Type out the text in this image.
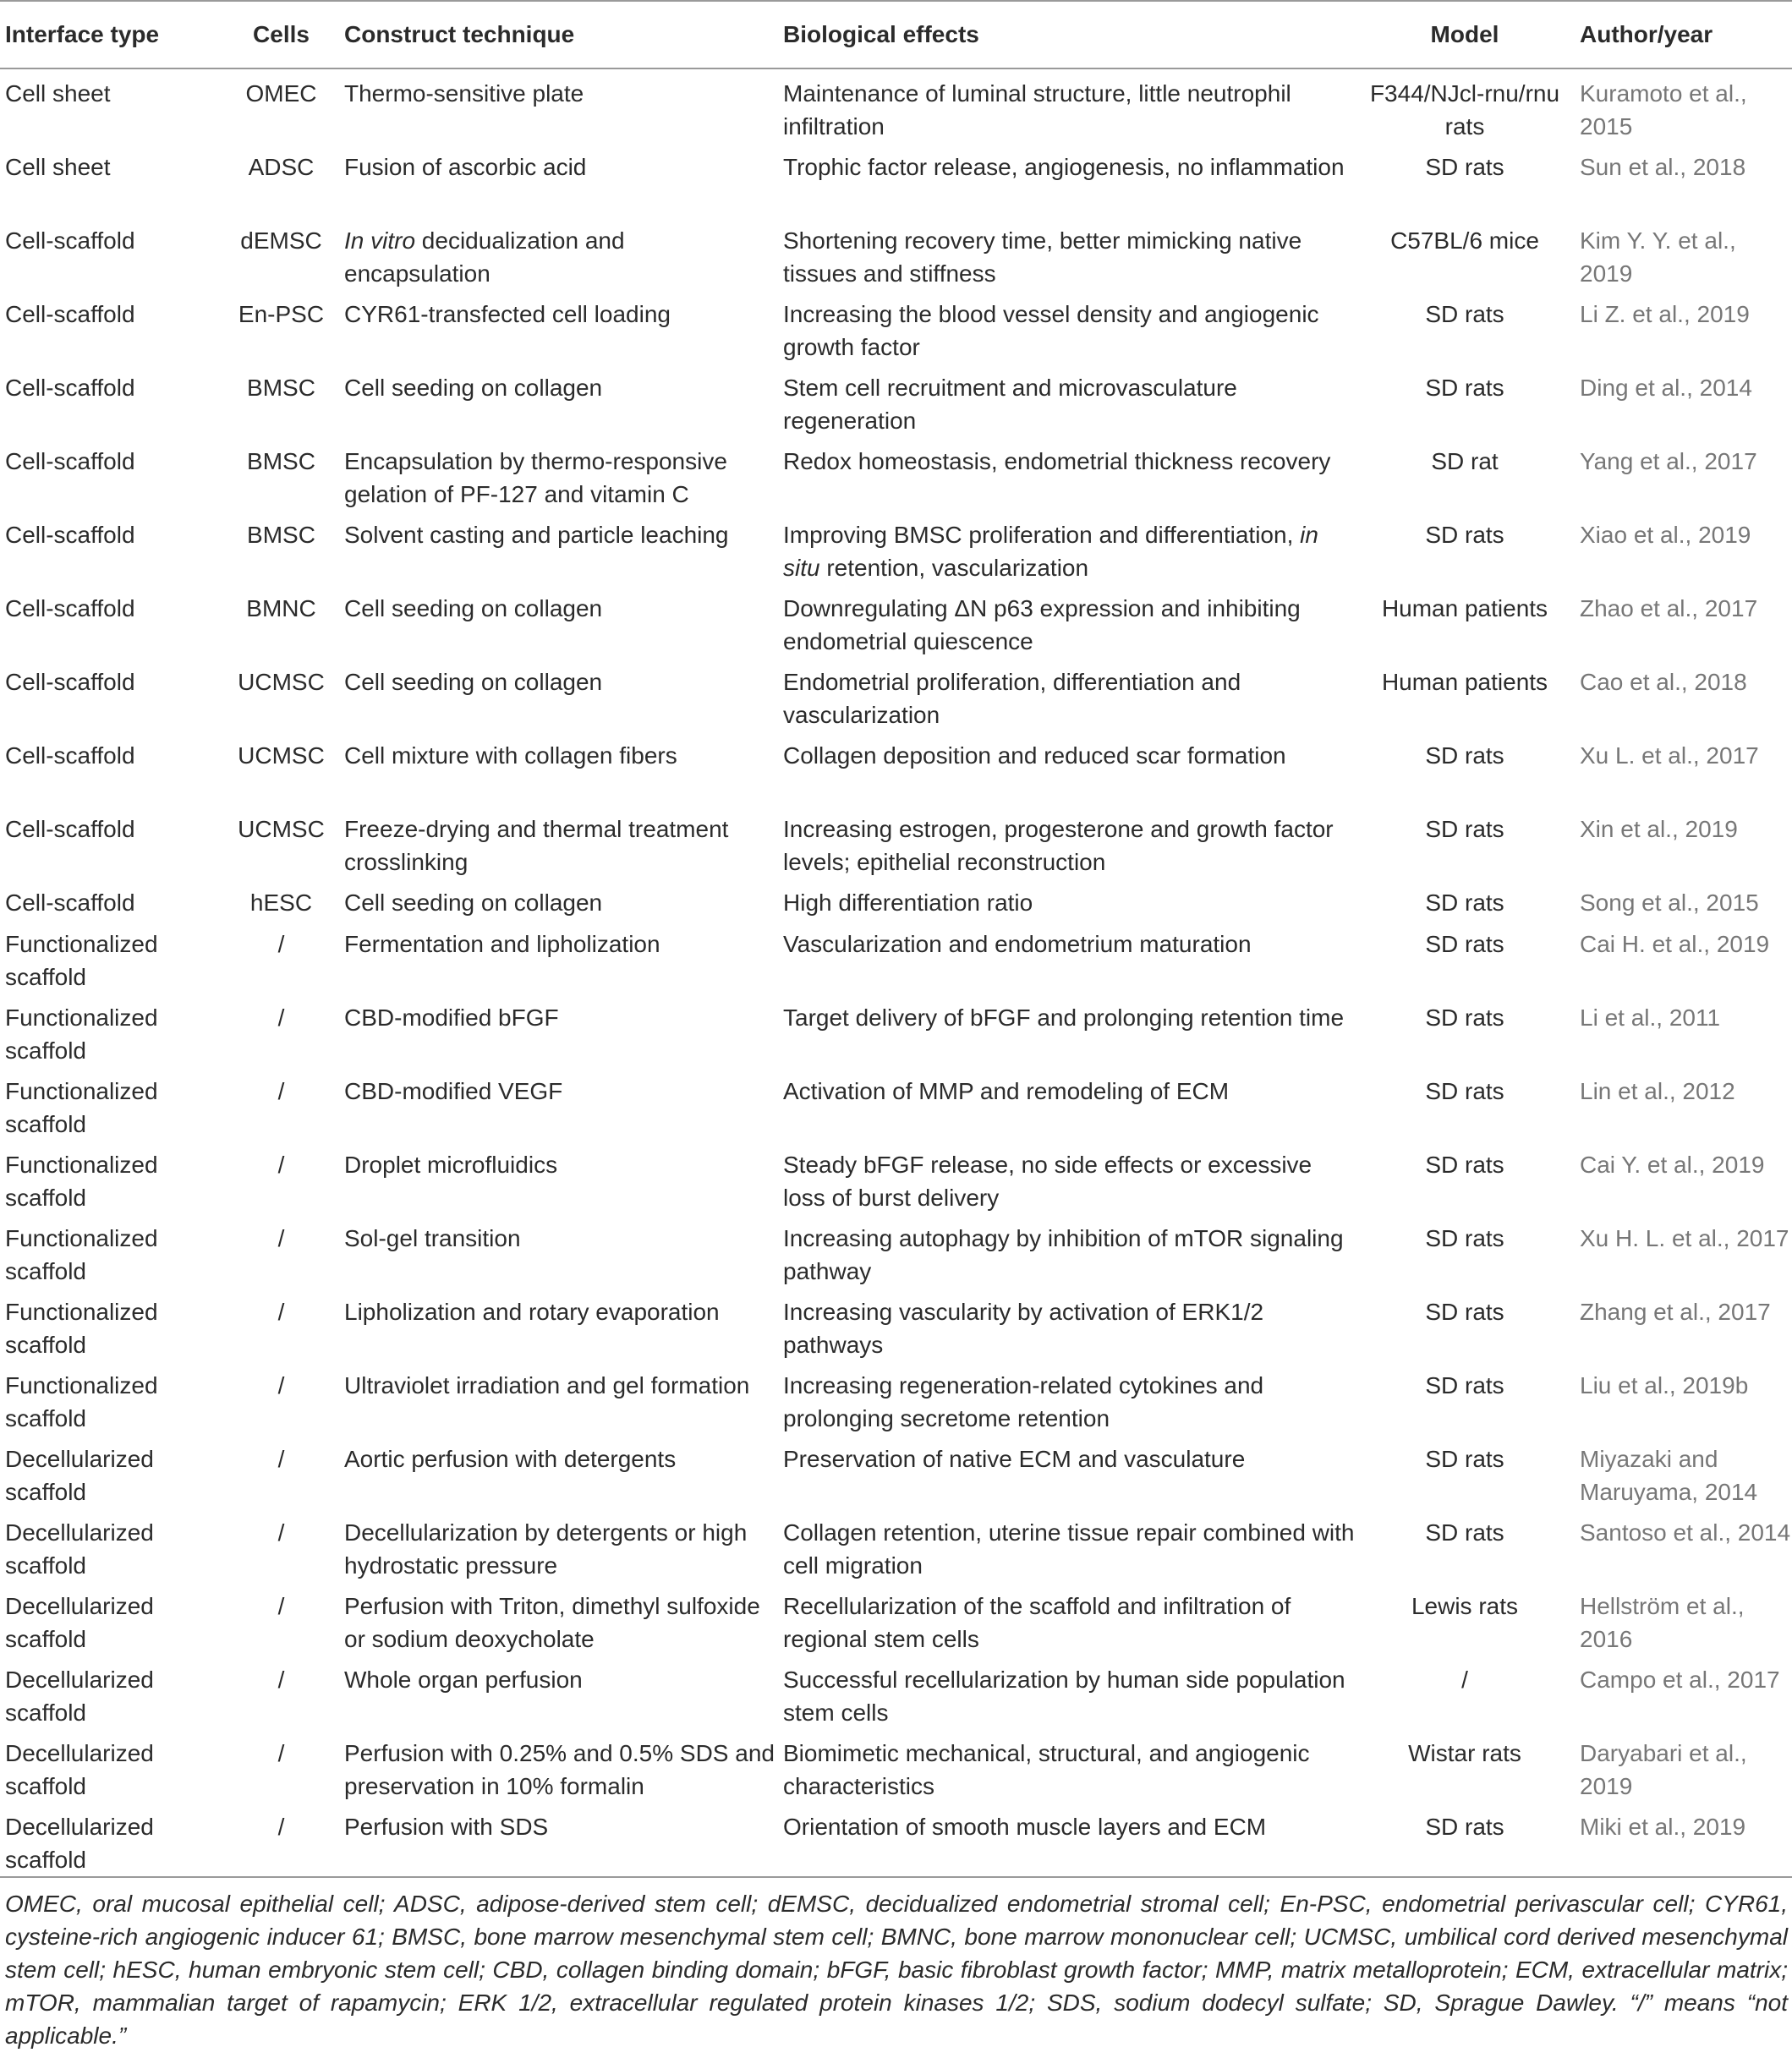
Interface type	Cells	Construct technique	Biological effects	Model	Author/year
Cell sheet	OMEC	Thermo-sensitive plate	Maintenance of luminal structure, little neutrophil infiltration	F344/NJcl-rnu/rnu rats	Kuramoto et al., 2015
Cell sheet	ADSC	Fusion of ascorbic acid	Trophic factor release, angiogenesis, no inflammation	SD rats	Sun et al., 2018
Cell-scaffold	dEMSC	In vitro decidualization and encapsulation	Shortening recovery time, better mimicking native tissues and stiffness	C57BL/6 mice	Kim Y. Y. et al., 2019
Cell-scaffold	En-PSC	CYR61-transfected cell loading	Increasing the blood vessel density and angiogenic growth factor	SD rats	Li Z. et al., 2019
Cell-scaffold	BMSC	Cell seeding on collagen	Stem cell recruitment and microvasculature regeneration	SD rats	Ding et al., 2014
Cell-scaffold	BMSC	Encapsulation by thermo-responsive gelation of PF-127 and vitamin C	Redox homeostasis, endometrial thickness recovery	SD rat	Yang et al., 2017
Cell-scaffold	BMSC	Solvent casting and particle leaching	Improving BMSC proliferation and differentiation, in situ retention, vascularization	SD rats	Xiao et al., 2019
Cell-scaffold	BMNC	Cell seeding on collagen	Downregulating ΔN p63 expression and inhibiting endometrial quiescence	Human patients	Zhao et al., 2017
Cell-scaffold	UCMSC	Cell seeding on collagen	Endometrial proliferation, differentiation and vascularization	Human patients	Cao et al., 2018
Cell-scaffold	UCMSC	Cell mixture with collagen fibers	Collagen deposition and reduced scar formation	SD rats	Xu L. et al., 2017
Cell-scaffold	UCMSC	Freeze-drying and thermal treatment crosslinking	Increasing estrogen, progesterone and growth factor levels; epithelial reconstruction	SD rats	Xin et al., 2019
Cell-scaffold	hESC	Cell seeding on collagen	High differentiation ratio	SD rats	Song et al., 2015
Functionalized scaffold	/	Fermentation and lipholization	Vascularization and endometrium maturation	SD rats	Cai H. et al., 2019
Functionalized scaffold	/	CBD-modified bFGF	Target delivery of bFGF and prolonging retention time	SD rats	Li et al., 2011
Functionalized scaffold	/	CBD-modified VEGF	Activation of MMP and remodeling of ECM	SD rats	Lin et al., 2012
Functionalized scaffold	/	Droplet microfluidics	Steady bFGF release, no side effects or excessive loss of burst delivery	SD rats	Cai Y. et al., 2019
Functionalized scaffold	/	Sol-gel transition	Increasing autophagy by inhibition of mTOR signaling pathway	SD rats	Xu H. L. et al., 2017
Functionalized scaffold	/	Lipholization and rotary evaporation	Increasing vascularity by activation of ERK1/2 pathways	SD rats	Zhang et al., 2017
Functionalized scaffold	/	Ultraviolet irradiation and gel formation	Increasing regeneration-related cytokines and prolonging secretome retention	SD rats	Liu et al., 2019b
Decellularized scaffold	/	Aortic perfusion with detergents	Preservation of native ECM and vasculature	SD rats	Miyazaki and Maruyama, 2014
Decellularized scaffold	/	Decellularization by detergents or high hydrostatic pressure	Collagen retention, uterine tissue repair combined with cell migration	SD rats	Santoso et al., 2014
Decellularized scaffold	/	Perfusion with Triton, dimethyl sulfoxide or sodium deoxycholate	Recellularization of the scaffold and infiltration of regional stem cells	Lewis rats	Hellström et al., 2016
Decellularized scaffold	/	Whole organ perfusion	Successful recellularization by human side population stem cells	/	Campo et al., 2017
Decellularized scaffold	/	Perfusion with 0.25% and 0.5% SDS and preservation in 10% formalin	Biomimetic mechanical, structural, and angiogenic characteristics	Wistar rats	Daryabari et al., 2019
Decellularized scaffold	/	Perfusion with SDS	Orientation of smooth muscle layers and ECM	SD rats	Miki et al., 2019
OMEC, oral mucosal epithelial cell; ADSC, adipose-derived stem cell; dEMSC, decidualized endometrial stromal cell; En-PSC, endometrial perivascular cell; CYR61, cysteine-rich angiogenic inducer 61; BMSC, bone marrow mesenchymal stem cell; BMNC, bone marrow mononuclear cell; UCMSC, umbilical cord derived mesenchymal stem cell; hESC, human embryonic stem cell; CBD, collagen binding domain; bFGF, basic fibroblast growth factor; MMP, matrix metalloprotein; ECM, extracellular matrix; mTOR, mammalian target of rapamycin; ERK 1/2, extracellular regulated protein kinases 1/2; SDS, sodium dodecyl sulfate; SD, Sprague Dawley. “/” means “not applicable.”
